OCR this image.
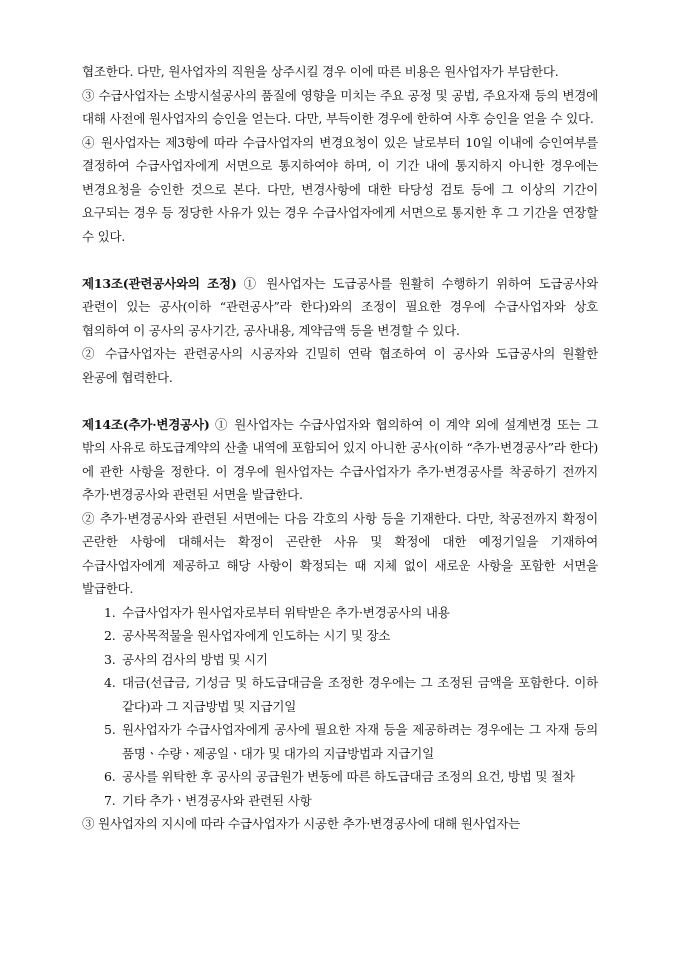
협조한다. 다만, 원사업자의 직원을 상주시킬 경우 이에 따른 비용은 원사업자가 부담한다.

③ 수급사업자는 소방시설공사의 품질에 영향을 미치는 주요 공정 및 공법, 주요자재 등의 변경에 대해 사전에 원사업자의 승인을 얻는다. 다만, 부득이한 경우에 한하여 사후 승인을 얻을 수 있다.

④ 원사업자는 제3항에 따라 수급사업자의 변경요청이 있은 날로부터 10일 이내에 승인여부를 결정하여 수급사업자에게 서면으로 통지하여야 하며, 이 기간 내에 통지하지 아니한 경우에는 변경요청을 승인한 것으로 본다. 다만, 변경사항에 대한 타당성 검토 등에 그 이상의 기간이 요구되는 경우 등 정당한 사유가 있는 경우 수급사업자에게 서면으로 통지한 후 그 기간을 연장할 수 있다.

제13조(관련공사와의 조정) ① 원사업자는 도급공사를 원활히 수행하기 위하여 도급공사와 관련이 있는 공사(이하 “관련공사”라 한다)와의 조정이 필요한 경우에 수급사업자와 상호 협의하여 이 공사의 공사기간, 공사내용, 계약금액 등을 변경할 수 있다.

② 수급사업자는 관련공사의 시공자와 긴밀히 연락 협조하여 이 공사와 도급공사의 원활한 완공에 협력한다.

제14조(추가·변경공사) ① 원사업자는 수급사업자와 협의하여 이 계약 외에 설계변경 또는 그 밖의 사유로 하도급계약의 산출 내역에 포함되어 있지 아니한 공사(이하 “추가·변경공사”라 한다)에 관한 사항을 정한다. 이 경우에 원사업자는 수급사업자가 추가·변경공사를 착공하기 전까지 추가·변경공사와 관련된 서면을 발급한다.

② 추가·변경공사와 관련된 서면에는 다음 각호의 사항 등을 기재한다. 다만, 착공전까지 확정이 곤란한 사항에 대해서는 확정이 곤란한 사유 및 확정에 대한 예정기일을 기재하여 수급사업자에게 제공하고 해당 사항이 확정되는 때 지체 없이 새로운 사항을 포함한 서면을 발급한다.

1. 수급사업자가 원사업자로부터 위탁받은 추가·변경공사의 내용
2. 공사목적물을 원사업자에게 인도하는 시기 및 장소
3. 공사의 검사의 방법 및 시기
4. 대금(선급금, 기성금 및 하도급대금을 조정한 경우에는 그 조정된 금액을 포함한다. 이하 같다)과 그 지급방법 및 지급기일
5. 원사업자가 수급사업자에게 공사에 필요한 자재 등을 제공하려는 경우에는 그 자재 등의 품명ㆍ수량ㆍ제공일ㆍ대가 및 대가의 지급방법과 지급기일
6. 공사를 위탁한 후 공사의 공급원가 변동에 따른 하도급대금 조정의 요건, 방법 및 절차
7. 기타 추가ㆍ변경공사와 관련된 사항

③ 원사업자의 지시에 따라 수급사업자가 시공한 추가·변경공사에 대해 원사업자는
